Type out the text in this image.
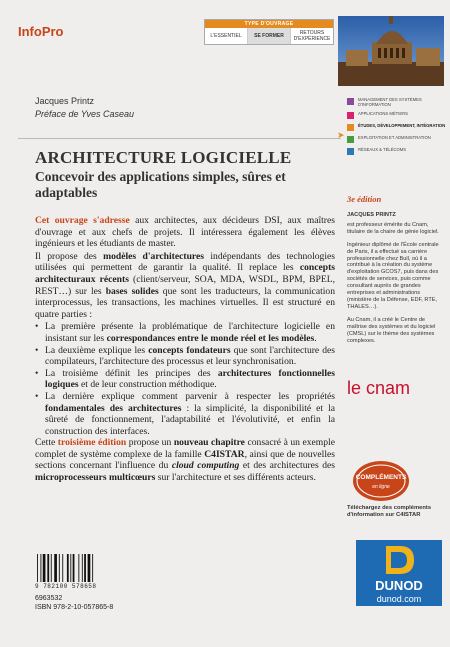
InfoPro	TYPE D'OUVRAGE
L'ESSENTIEL	SE FORMER	RETOURS D'EXPÉRIENCE
Jacques Printz
Préface de Yves Caseau
ARCHITECTURE LOGICIELLE
Concevoir des applications simples, sûres et adaptables

Cet ouvrage s'adresse aux architectes, aux décideurs DSI, aux maîtres d'ouvrage et aux chefs de projets. Il intéressera également les élèves ingénieurs et les étudiants de master.

Il propose des modèles d'architectures indépendants des technologies utilisées qui permettent de garantir la qualité. Il replace les concepts architecturaux récents (client/serveur, SOA, MDA, WSDL, BPM, BPEL, REST…) sur les bases solides que sont les traducteurs, la communication interprocessus, les transactions, les machines virtuelles. Il est structuré en quatre parties :

• La première présente la problématique de l'architecture logicielle en insistant sur les correspondances entre le monde réel et les modèles.
• La deuxième explique les concepts fondateurs que sont l'architecture des compilateurs, l'architecture des processus et leur synchronisation.
• La troisième définit les principes des architectures fonctionnelles logiques et de leur construction méthodique.
• La dernière explique comment parvenir à respecter les propriétés fondamentales des architectures : la simplicité, la disponibilité et la sûreté de fonctionnement, l'adaptabilité et l'évolutivité, et enfin la construction des interfaces.

Cette troisième édition propose un nouveau chapitre consacré à un exemple complet de système complexe de la famille C4ISTAR, ainsi que de nouvelles sections concernant l'influence du cloud computing et des architectures des microprocesseurs multicœurs sur l'architecture et ses différents acteurs.

➤
MANAGEMENT DES SYSTÈMES D'INFORMATION
APPLICATIONS MÉTIERS
ÉTUDES, DÉVELOPPEMENT, INTÉGRATION
EXPLOITATION ET ADMINISTRATION
RÉSEAUX & TÉLÉCOMS
3e édition
JACQUES PRINTZ

est professeur émérite du Cnam, titulaire de la chaire de génie logiciel.

Ingénieur diplômé de l'École centrale de Paris, il a effectué sa carrière professionnelle chez Bull, où il a contribué à la création du système d'exploitation GCOS7, puis dans des sociétés de services, puis comme consultant auprès de grandes entreprises et administrations (ministère de la Défense, EDF, RTE, THALES…).

Au Cnam, il a créé le Centre de maîtrise des systèmes et du logiciel (CMSL) sur le thème des systèmes complexes.

le cnam
COMPLÉMENTS
en ligne
Téléchargez des compléments d'information sur C4ISTAR
9 782100 578658
6963532
ISBN 978-2-10-057865-8
DUNOD
dunod.com
